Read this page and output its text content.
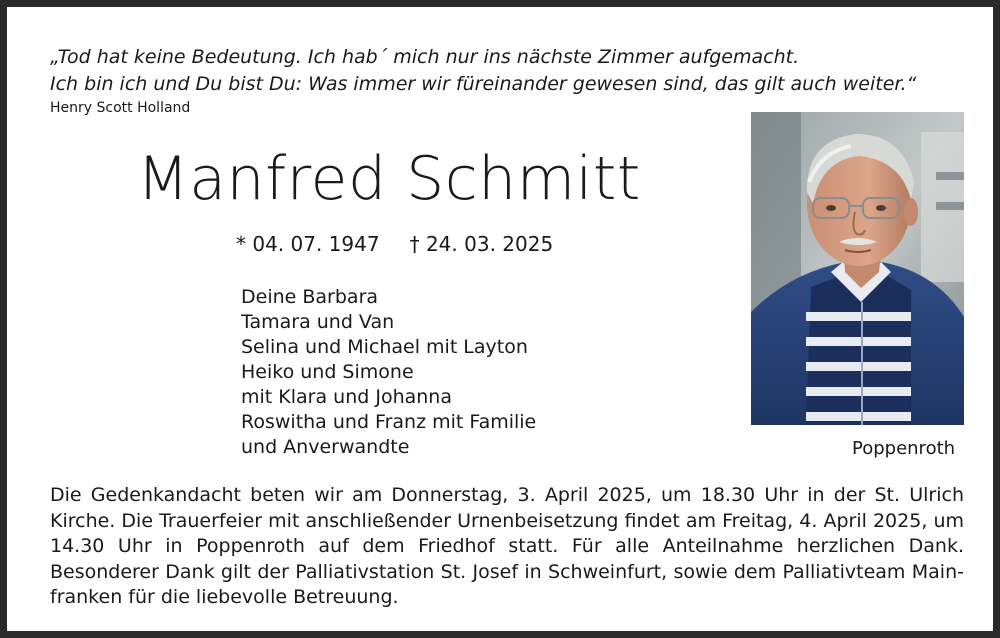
„Tod hat keine Bedeutung. Ich hab´ mich nur ins nächste Zimmer aufgemacht.
Ich bin ich und Du bist Du: Was immer wir füreinander gewesen sind, das gilt auch weiter.“
Henry Scott Holland
Manfred Schmitt
* 04. 07. 1947 † 24. 03. 2025
Deine Barbara
Tamara und Van
Selina und Michael mit Layton
Heiko und Simone
mit Klara und Johanna
Roswitha und Franz mit Familie
und Anverwandte	Poppenroth
Die Gedenkandacht beten wir am Donnerstag, 3. April 2025, um 18.30 Uhr in der St. Ulrich Kirche. Die Trauerfeier mit anschließender Urnenbeisetzung findet am Freitag, 4. April 2025, um 14.30 Uhr in Poppenroth auf dem Friedhof statt. Für alle Anteilnahme herzlichen Dank. Besonderer Dank gilt der Palliativstation St. Josef in Schweinfurt, sowie dem Palliativteam Main-franken für die liebevolle Betreuung.
